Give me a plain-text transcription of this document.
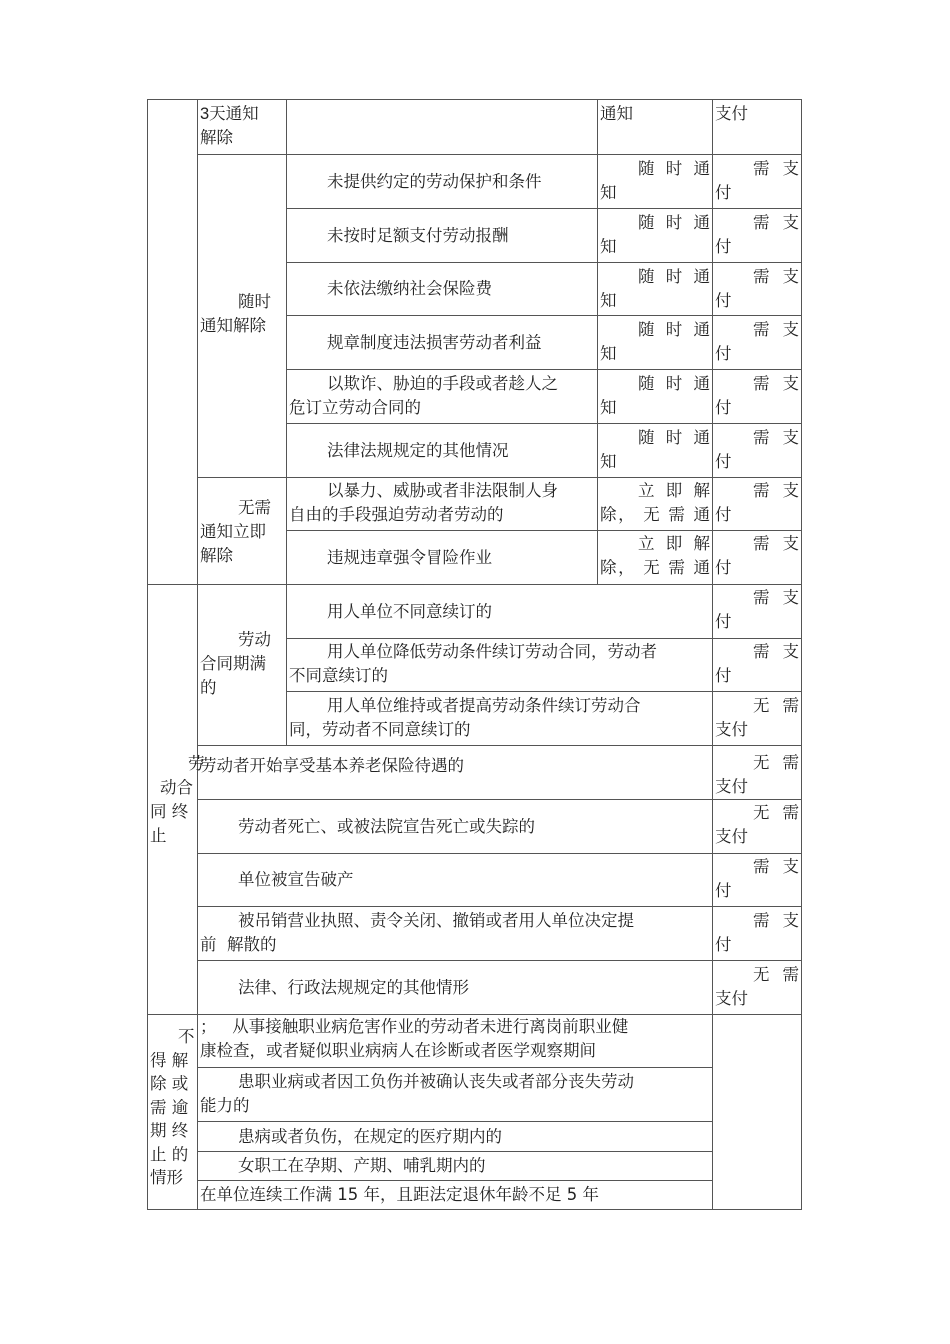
3天通知
解除
通知	支付
随时
通知解除
未提供约定的劳动保护和条件
未按时足额支付劳动报酬
未依法缴纳社会保险费
规章制度违法损害劳动者利益
以欺诈、胁迫的手段或者趁人之
危订立劳动合同的
法律法规规定的其他情况
随 时 通
知
需 支
付
随 时 通
知
需 支
付
随 时 通
知
需 支
付
随 时 通
知
需 支
付
随 时 通
知
需 支
付
随 时 通
知
需 支
付
无需
通知立即
解除
以暴力、威胁或者非法限制人身
自由的手段强迫劳动者劳动的
违规违章强令冒险作业
立 即 解
除， 无 需 通
需 支
付
立 即 解
除， 无 需 通
需 支
付
劳
动合
同 终
止
劳动
合同期满
的
用人单位不同意续订的
用人单位降低劳动条件续订劳动合同，劳动者
不同意续订的
用人单位维持或者提高劳动条件续订劳动合
同，劳动者不同意续订的
需 支
付
需 支
付
无 需
支付
劳动者开始享受基本养老保险待遇的
劳动者死亡、或被法院宣告死亡或失踪的
单位被宣告破产
被吊销营业执照、责令关闭、撤销或者用人单位决定提
前  解散的
法律、行政法规规定的其他情形
无 需
支付
无 需
支付
需 支
付
需 支
付
无 需
支付
不
得 解
除 或
需 逾
期 终
止 的
情形
；   从事接触职业病危害作业的劳动者未进行离岗前职业健
康检查，或者疑似职业病病人在诊断或者医学观察期间
患职业病或者因工负伤并被确认丧失或者部分丧失劳动
能力的
患病或者负伤，在规定的医疗期内的
女职工在孕期、产期、哺乳期内的
在单位连续工作满 15 年，且距法定退休年龄不足 5 年
